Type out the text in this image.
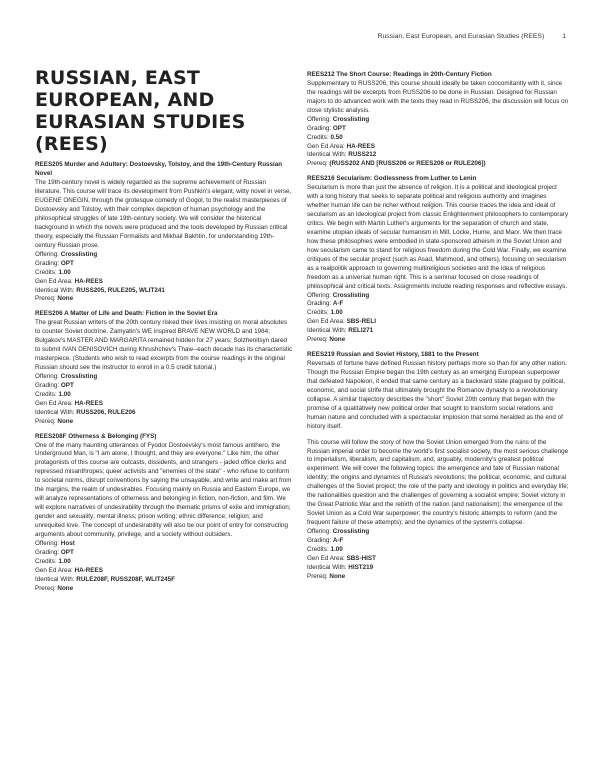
Russian, East European, and Eurasian Studies (REES)	1
RUSSIAN, EAST EUROPEAN, AND EURASIAN STUDIES (REES)

REES205 Murder and Adultery: Dostoevsky, Tolstoy, and the 19th-Century Russian Novel

The 19th-century novel is widely regarded as the supreme achievement of Russian literature. This course will trace its development from Pushkin's elegant, witty novel in verse, EUGENE ONEGIN, through the grotesque comedy of Gogol, to the realist masterpieces of Dostoevsky and Tolstoy, with their complex depiction of human psychology and the philosophical struggles of late 19th-century society. We will consider the historical background in which the novels were produced and the tools developed by Russian critical theory, especially the Russian Formalists and Mikhail Bakhtin, for understanding 19th-century Russian prose.

Offering: Crosslisting

Grading: OPT

Credits: 1.00

Gen Ed Area: HA-REES

Identical With: RUSS205, RULE205, WLIT241

Prereq: None

REES206 A Matter of Life and Death: Fiction in the Soviet Era

The great Russian writers of the 20th century risked their lives insisting on moral absolutes to counter Soviet doctrine. Zamyatin's WE inspired BRAVE NEW WORLD and 1984; Bulgakov's MASTER AND MARGARITA remained hidden for 27 years; Solzhenitsyn dared to submit IVAN DENISOVICH during Khrushchev's Thaw--each decade has its characteristic masterpiece. (Students who wish to read excerpts from the course readings in the original Russian should see the instructor to enroll in a 0.5 credit tutorial.)

Offering: Crosslisting

Grading: OPT

Credits: 1.00

Gen Ed Area: HA-REES

Identical With: RUSS206, RULE206

Prereq: None

REES208F Otherness & Belonging (FYS)

One of the many haunting utterances of Fyodor Dostoevsky's most famous antihero, the Underground Man, is "I am alone, I thought, and they are everyone." Like him, the other protagonists of this course are outcasts, dissidents, and strangers - jaded office clerks and repressed misanthropes; queer activists and "enemies of the state" - who refuse to conform to societal norms, disrupt conventions by saying the unsayable, and write and make art from the margins, the realm of undesirables. Focusing mainly on Russia and Eastern Europe, we will analyze representations of otherness and belonging in fiction, non-fiction, and film. We will explore narratives of undesirability through the thematic prisms of exile and immigration; gender and sexuality; mental illness; prison writing; ethnic difference; religion; and unrequited love. The concept of undesirability will also be our point of entry for constructing arguments about community, privilege, and a society without outsiders.

Offering: Host

Grading: OPT

Credits: 1.00

Gen Ed Area: HA-REES

Identical With: RULE208F, RUSS208F, WLIT245F

Prereq: None

REES212 The Short Course: Readings in 20th-Century Fiction

Supplementary to RUSS206, this course should ideally be taken concomitantly with it, since the readings will be excerpts from RUSS206 to be done in Russian. Designed for Russian majors to do advanced work with the texts they read in RUSS206, the discussion will focus on close stylistic analysis.

Offering: Crosslisting

Grading: OPT

Credits: 0.50

Gen Ed Area: HA-REES

Identical With: RUSS212

Prereq: (RUSS202 AND [RUSS206 or REES206 or RULE206])

REES216 Secularism: Godlessness from Luther to Lenin

Secularism is more than just the absence of religion. It is a political and ideological project with a long history that seeks to separate political and religious authority and imagines whether human life can be richer without religion. This course traces the idea and ideal of secularism as an ideological project from classic Enlightenment philosophers to contemporary critics. We begin with Martin Luther's arguments for the separation of church and state, examine utopian ideals of secular humanism in Mill, Locke, Hume, and Marx. We then trace how these philosophies were embodied in state-sponsored atheism in the Soviet Union and how secularism came to stand for religious freedom during the Cold War. Finally, we examine critiques of the secular project (such as Asad, Mahmood, and others), focusing on secularism as a realpolitik approach to governing multireligious societies and the idea of religious freedom as a universal human right. This is a seminar focused on close readings of philosophical and critical texts. Assignments include reading responses and reflective essays.

Offering: Crosslisting

Grading: A-F

Credits: 1.00

Gen Ed Area: SBS-RELI

Identical With: RELI271

Prereq: None

REES219 Russian and Soviet History, 1881 to the Present

Reversals of fortune have defined Russian history perhaps more so than for any other nation. Though the Russian Empire began the 19th century as an emerging European superpower that defeated Napoleon, it ended that same century as a backward state plagued by political, economic, and social strife that ultimately brought the Romanov dynasty to a revolutionary collapse. A similar trajectory describes the "short" Soviet 20th century that began with the promise of a qualitatively new political order that sought to transform social relations and human nature and concluded with a spectacular implosion that some heralded as the end of history itself.

This course will follow the story of how the Soviet Union emerged from the ruins of the Russian imperial order to become the world's first socialist society, the most serious challenge to imperialism, liberalism, and capitalism, and, arguably, modernity's greatest political experiment. We will cover the following topics: the emergence and fate of Russian national identity; the origins and dynamics of Russia's revolutions; the political, economic, and cultural challenges of the Soviet project; the role of the party and ideology in politics and everyday life; the nationalities question and the challenges of governing a socialist empire; Soviet victory in the Great Patriotic War and the rebirth of the nation (and nationalism); the emergence of the Soviet Union as a Cold War superpower; the country's historic attempts to reform (and the frequent failure of these attempts); and the dynamics of the system's collapse.

Offering: Crosslisting

Grading: A-F

Credits: 1.00

Gen Ed Area: SBS-HIST

Identical With: HIST219

Prereq: None
